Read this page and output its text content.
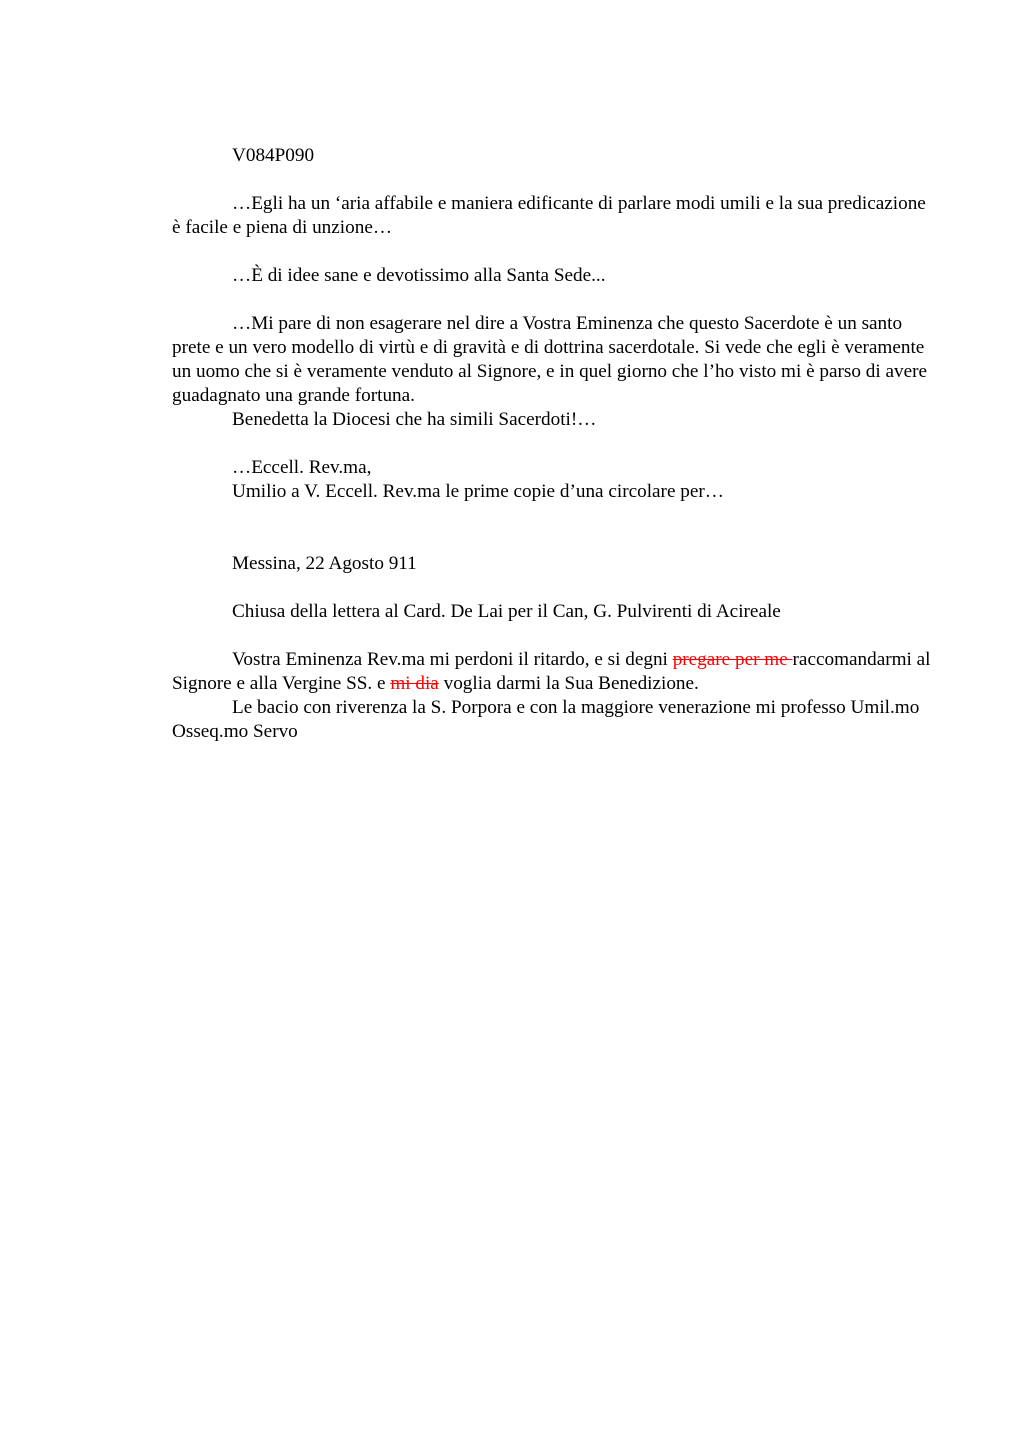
V084P090

…Egli ha un ‘aria affabile e maniera edificante di parlare modi umili e la sua predicazione è facile e piena di unzione…

…È di idee sane e devotissimo alla Santa Sede...

…Mi pare di non esagerare nel dire a Vostra Eminenza che questo Sacerdote è un santo prete e un vero modello di virtù e di gravità e di dottrina sacerdotale. Si vede che egli è veramente un uomo che si è veramente venduto al Signore, e in quel giorno che l’ho visto mi è parso di avere guadagnato una grande fortuna.

Benedetta la Diocesi che ha simili Sacerdoti!…

…Eccell. Rev.ma,

Umilio a V. Eccell. Rev.ma le prime copie d’una circolare per…

Messina, 22 Agosto 911

Chiusa della lettera al Card. De Lai per il Can, G. Pulvirenti di Acireale

Vostra Eminenza Rev.ma mi perdoni il ritardo, e si degni pregare per me raccomandarmi al Signore e alla Vergine SS. e mi dia voglia darmi la Sua Benedizione.

Le bacio con riverenza la S. Porpora e con la maggiore venerazione mi professo Umil.mo Osseq.mo Servo
